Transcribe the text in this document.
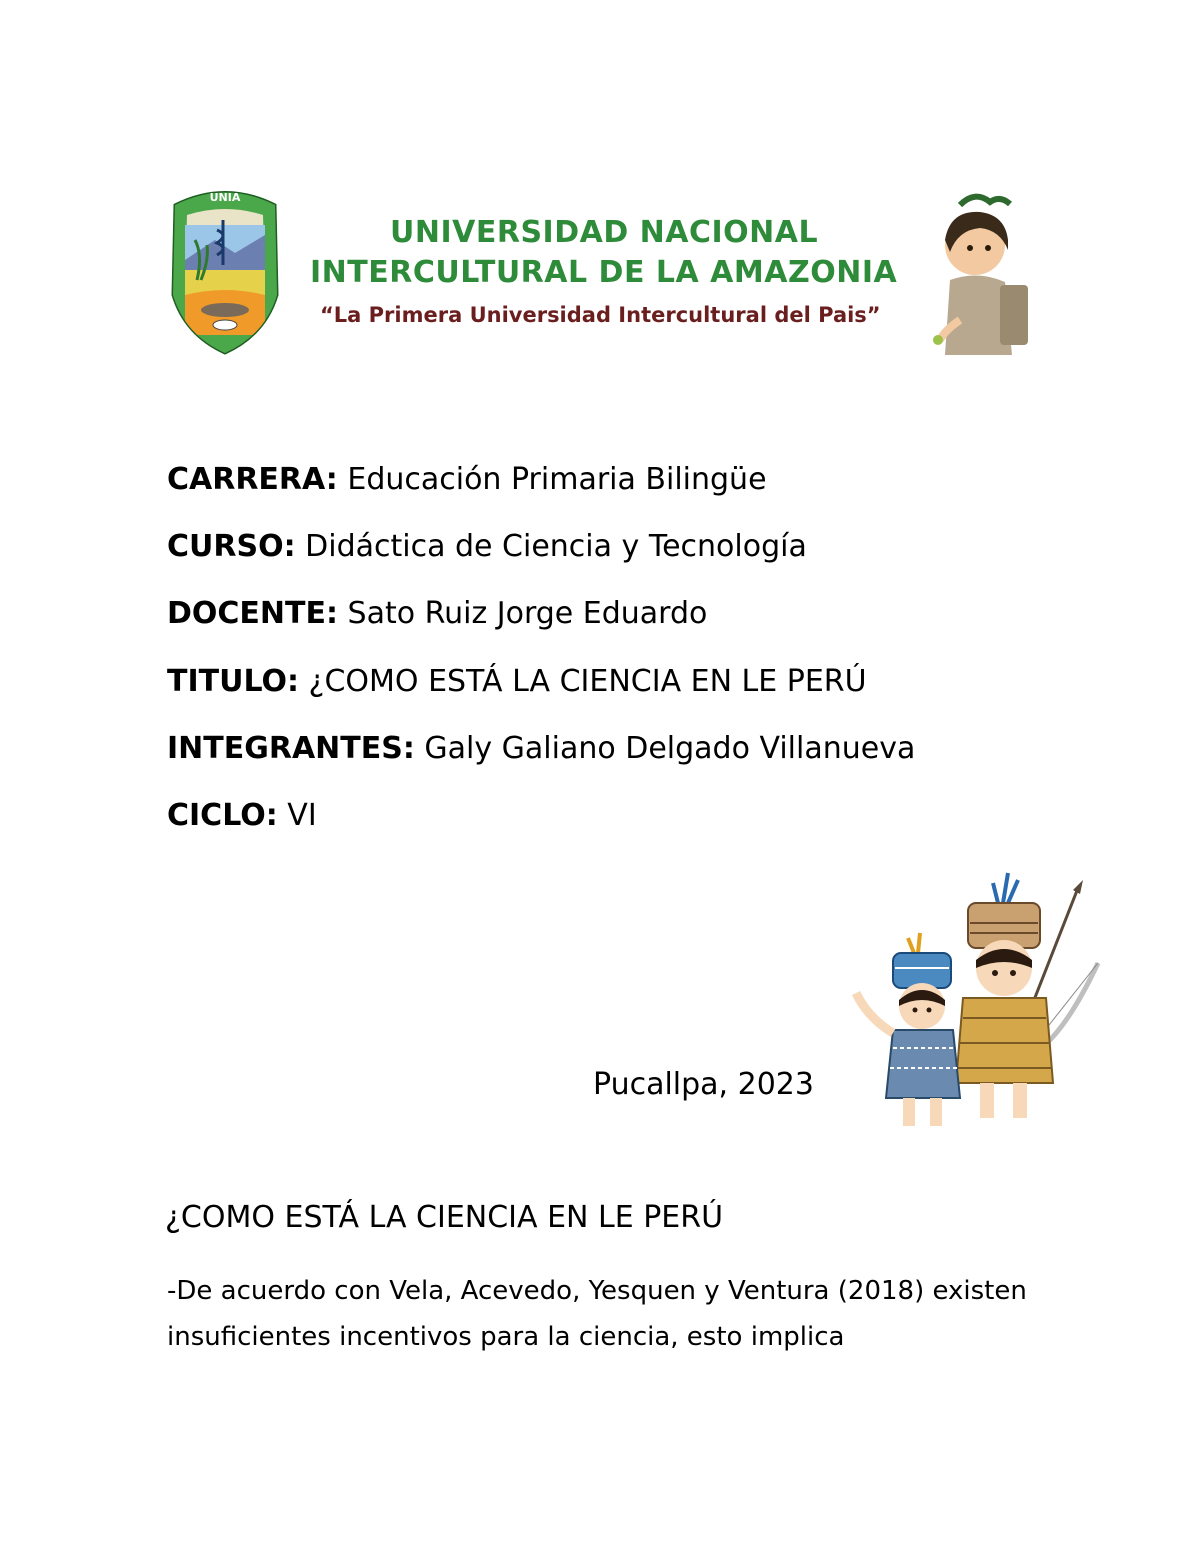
UNIA
UNIVERSIDAD NACIONAL
INTERCULTURAL DE LA AMAZONIA
“La Primera Universidad Intercultural del Pais”
CARRERA: Educación Primaria Bilingüe
CURSO: Didáctica de Ciencia y Tecnología
DOCENTE: Sato Ruiz Jorge Eduardo
TITULO: ¿COMO ESTÁ LA CIENCIA EN LE PERÚ
INTEGRANTES: Galy Galiano Delgado Villanueva
CICLO: VI
Pucallpa, 2023
¿COMO ESTÁ LA CIENCIA EN LE PERÚ
-De acuerdo con Vela, Acevedo, Yesquen y Ventura (2018) existen insuficientes incentivos para la ciencia, esto implica
